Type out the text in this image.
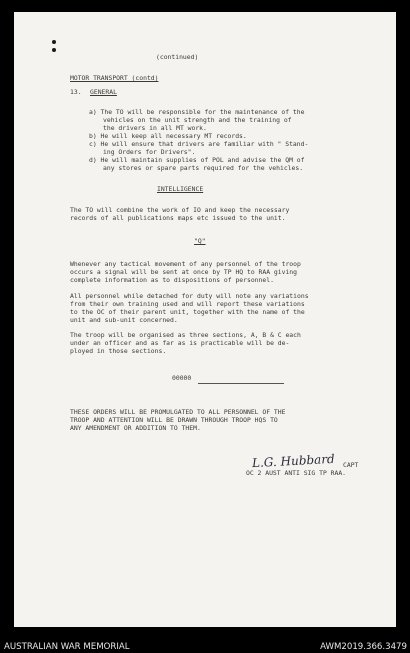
(continued)

MOTOR TRANSPORT (contd)

13. GENERAL

a) The TO will be responsible for the maintenance of the

vehicles on the unit strength and the training of

the drivers in all MT work.

b) He will keep all necessary MT records.

c) He will ensure that drivers are familiar with " Stand-

ing Orders for Drivers".

d) He will maintain supplies of POL and advise the QM of

any stores or spare parts required for the vehicles.

INTELLIGENCE

The TO will combine the work of IO and keep the necessary

records of all publications maps etc issued to the unit.

"Q"

Whenever any tactical movement of any personnel of the troop

occurs a signal will be sent at once by TP HQ to RAA giving

complete information as to dispositions of personnel.

All personnel while detached for duty will note any variations

from their own training used and will report these variations

to the OC of their parent unit, together with the name of the

unit and sub-unit concerned.

The troop will be organised as three sections, A, B & C each

under an officer and as far as is practicable will be de-

ployed in those sections.

00000

THESE ORDERS WILL BE PROMULGATED TO ALL PERSONNEL OF THE

TROOP AND ATTENTION WILL BE DRAWN THROUGH TROOP HQS TO

ANY AMENDMENT OR ADDITION TO THEM.

L.G. Hubbard CAPT

OC 2 AUST ANTI SIG TP RAA.

AUSTRALIAN WAR MEMORIAL	AWM2019.366.3479
